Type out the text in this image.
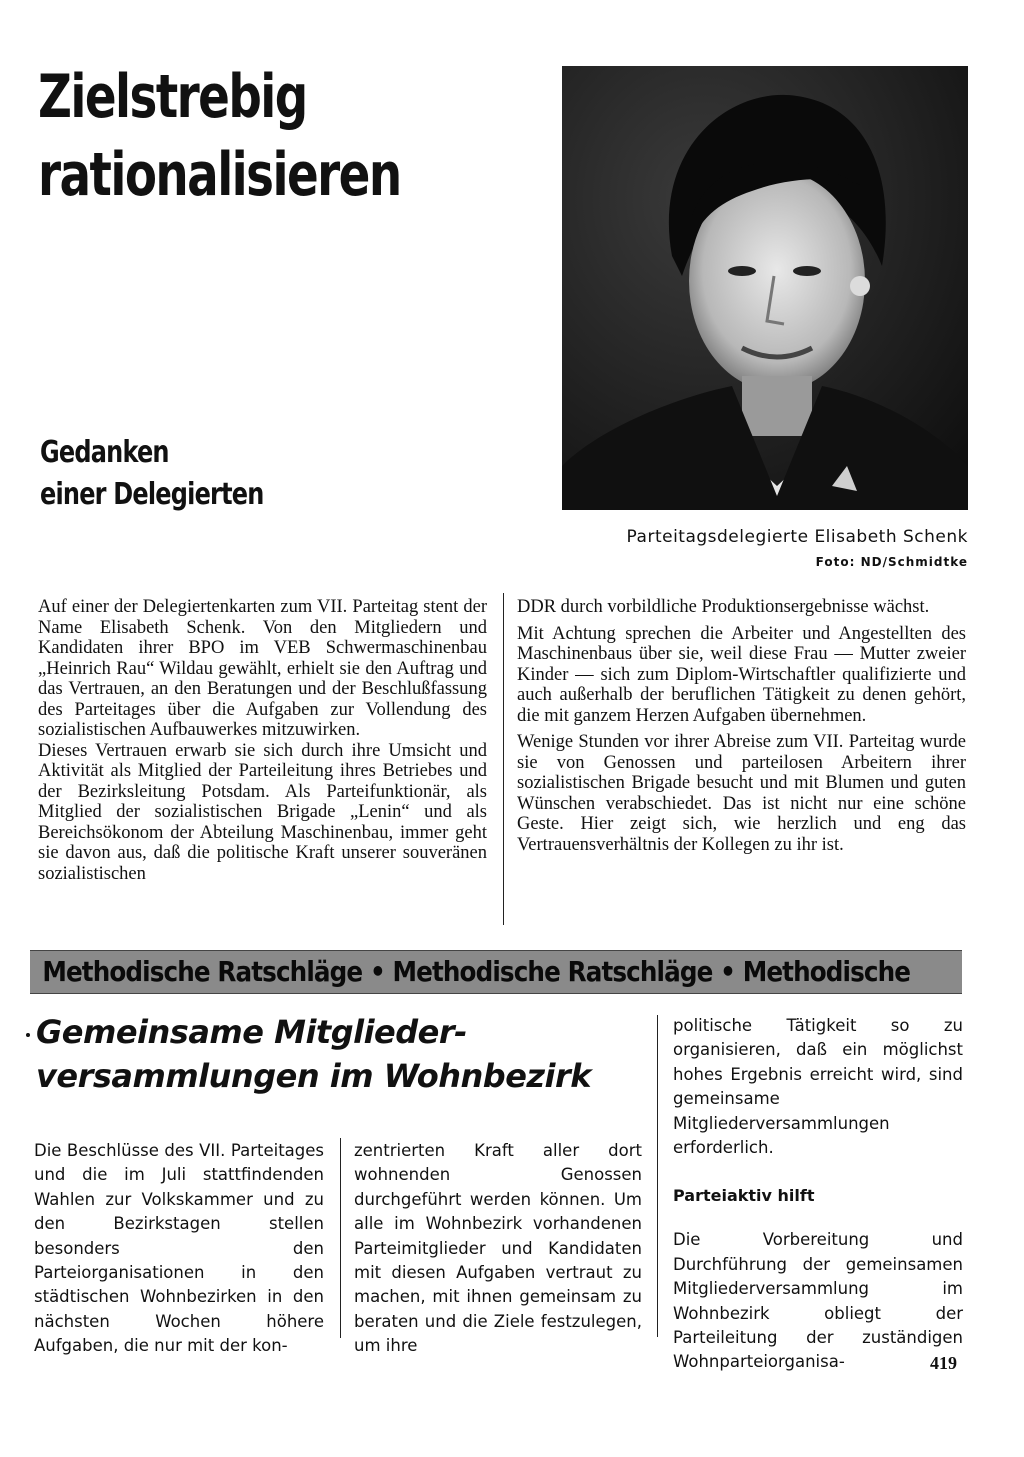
Zielstrebig
rationalisieren
Parteitagsdelegierte Elisabeth Schenk
Foto: ND/Schmidtke
Gedanken
einer Delegierten

Auf einer der Delegiertenkarten zum VII. Parteitag stent der Name Elisabeth Schenk. Von den Mitgliedern und Kandidaten ihrer BPO im VEB Schwermaschinenbau „Heinrich Rau“ Wildau gewählt, erhielt sie den Auftrag und das Vertrauen, an den Beratungen und der Beschlußfassung des Parteitages über die Aufgaben zur Vollendung des sozialistischen Aufbauwerkes mitzuwirken.

Dieses Vertrauen erwarb sie sich durch ihre Umsicht und Aktivität als Mitglied der Parteileitung ihres Betriebes und der Bezirksleitung Potsdam. Als Parteifunktionär, als Mitglied der sozialistischen Brigade „Lenin“ und als Bereichsökonom der Abteilung Maschinenbau, immer geht sie davon aus, daß die politische Kraft unserer souveränen sozialistischen

DDR durch vorbildliche Produktionsergebnisse wächst.

Mit Achtung sprechen die Arbeiter und Angestellten des Maschinenbaus über sie, weil diese Frau — Mutter zweier Kinder — sich zum Diplom-Wirtschaftler qualifizierte und auch außerhalb der beruflichen Tätigkeit zu denen gehört, die mit ganzem Herzen Aufgaben übernehmen.

Wenige Stunden vor ihrer Abreise zum VII. Parteitag wurde sie von Genossen und parteilosen Arbeitern ihrer sozialistischen Brigade besucht und mit Blumen und guten Wünschen verabschiedet. Das ist nicht nur eine schöne Geste. Hier zeigt sich, wie herzlich und eng das Vertrauensverhältnis der Kollegen zu ihr ist.

Methodische Ratschläge • Methodische Ratschläge • Methodische
Gemeinsame Mitglieder-
versammlungen im Wohnbezirk

Die Beschlüsse des VII. Parteitages und die im Juli stattfindenden Wahlen zur Volkskammer und zu den Bezirkstagen stellen besonders den Parteiorganisationen in den städtischen Wohnbezirken in den nächsten Wochen höhere Aufgaben, die nur mit der kon-

zentrierten Kraft aller dort wohnenden Genossen durchgeführt werden können. Um alle im Wohnbezirk vorhandenen Parteimitglieder und Kandidaten mit diesen Aufgaben vertraut zu machen, mit ihnen gemeinsam zu beraten und die Ziele festzulegen, um ihre

politische Tätigkeit so zu organisieren, daß ein möglichst hohes Ergebnis erreicht wird, sind gemeinsame Mitgliederversammlungen erforderlich.

Parteiaktiv hilft

Die Vorbereitung und Durchführung der gemeinsamen Mitgliederversammlung im Wohnbezirk obliegt der Parteileitung der zuständigen Wohnparteiorganisa-	419
